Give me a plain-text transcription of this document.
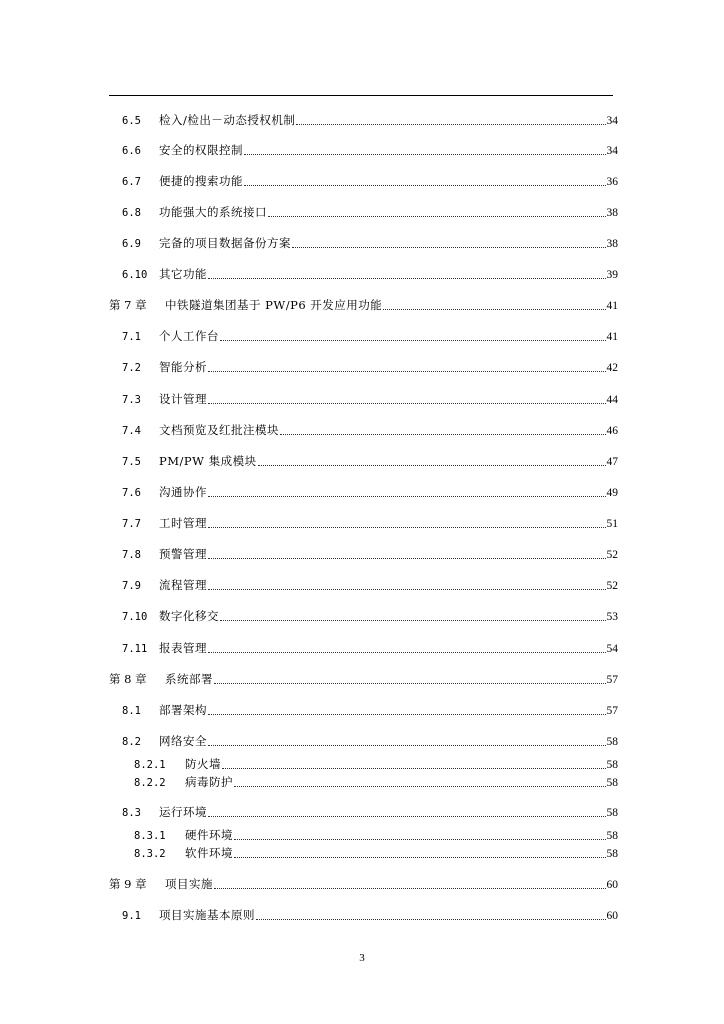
6.5	检入/检出－动态授权机制	34
6.6	安全的权限控制	34
6.7	便捷的搜索功能	36
6.8	功能强大的系统接口	38
6.9	完备的项目数据备份方案	38
6.10	其它功能	39
第 7 章	中铁隧道集团基于 PW/P6 开发应用功能	41
7.1	个人工作台	41
7.2	智能分析	42
7.3	设计管理	44
7.4	文档预览及红批注模块	46
7.5	PM/PW 集成模块	47
7.6	沟通协作	49
7.7	工时管理	51
7.8	预警管理	52
7.9	流程管理	52
7.10	数字化移交	53
7.11	报表管理	54
第 8 章	系统部署	57
8.1	部署架构	57
8.2	网络安全	58
8.2.1	防火墙	58
8.2.2	病毒防护	58
8.3	运行环境	58
8.3.1	硬件环境	58
8.3.2	软件环境	58
第 9 章	项目实施	60
9.1	项目实施基本原则	60
3
